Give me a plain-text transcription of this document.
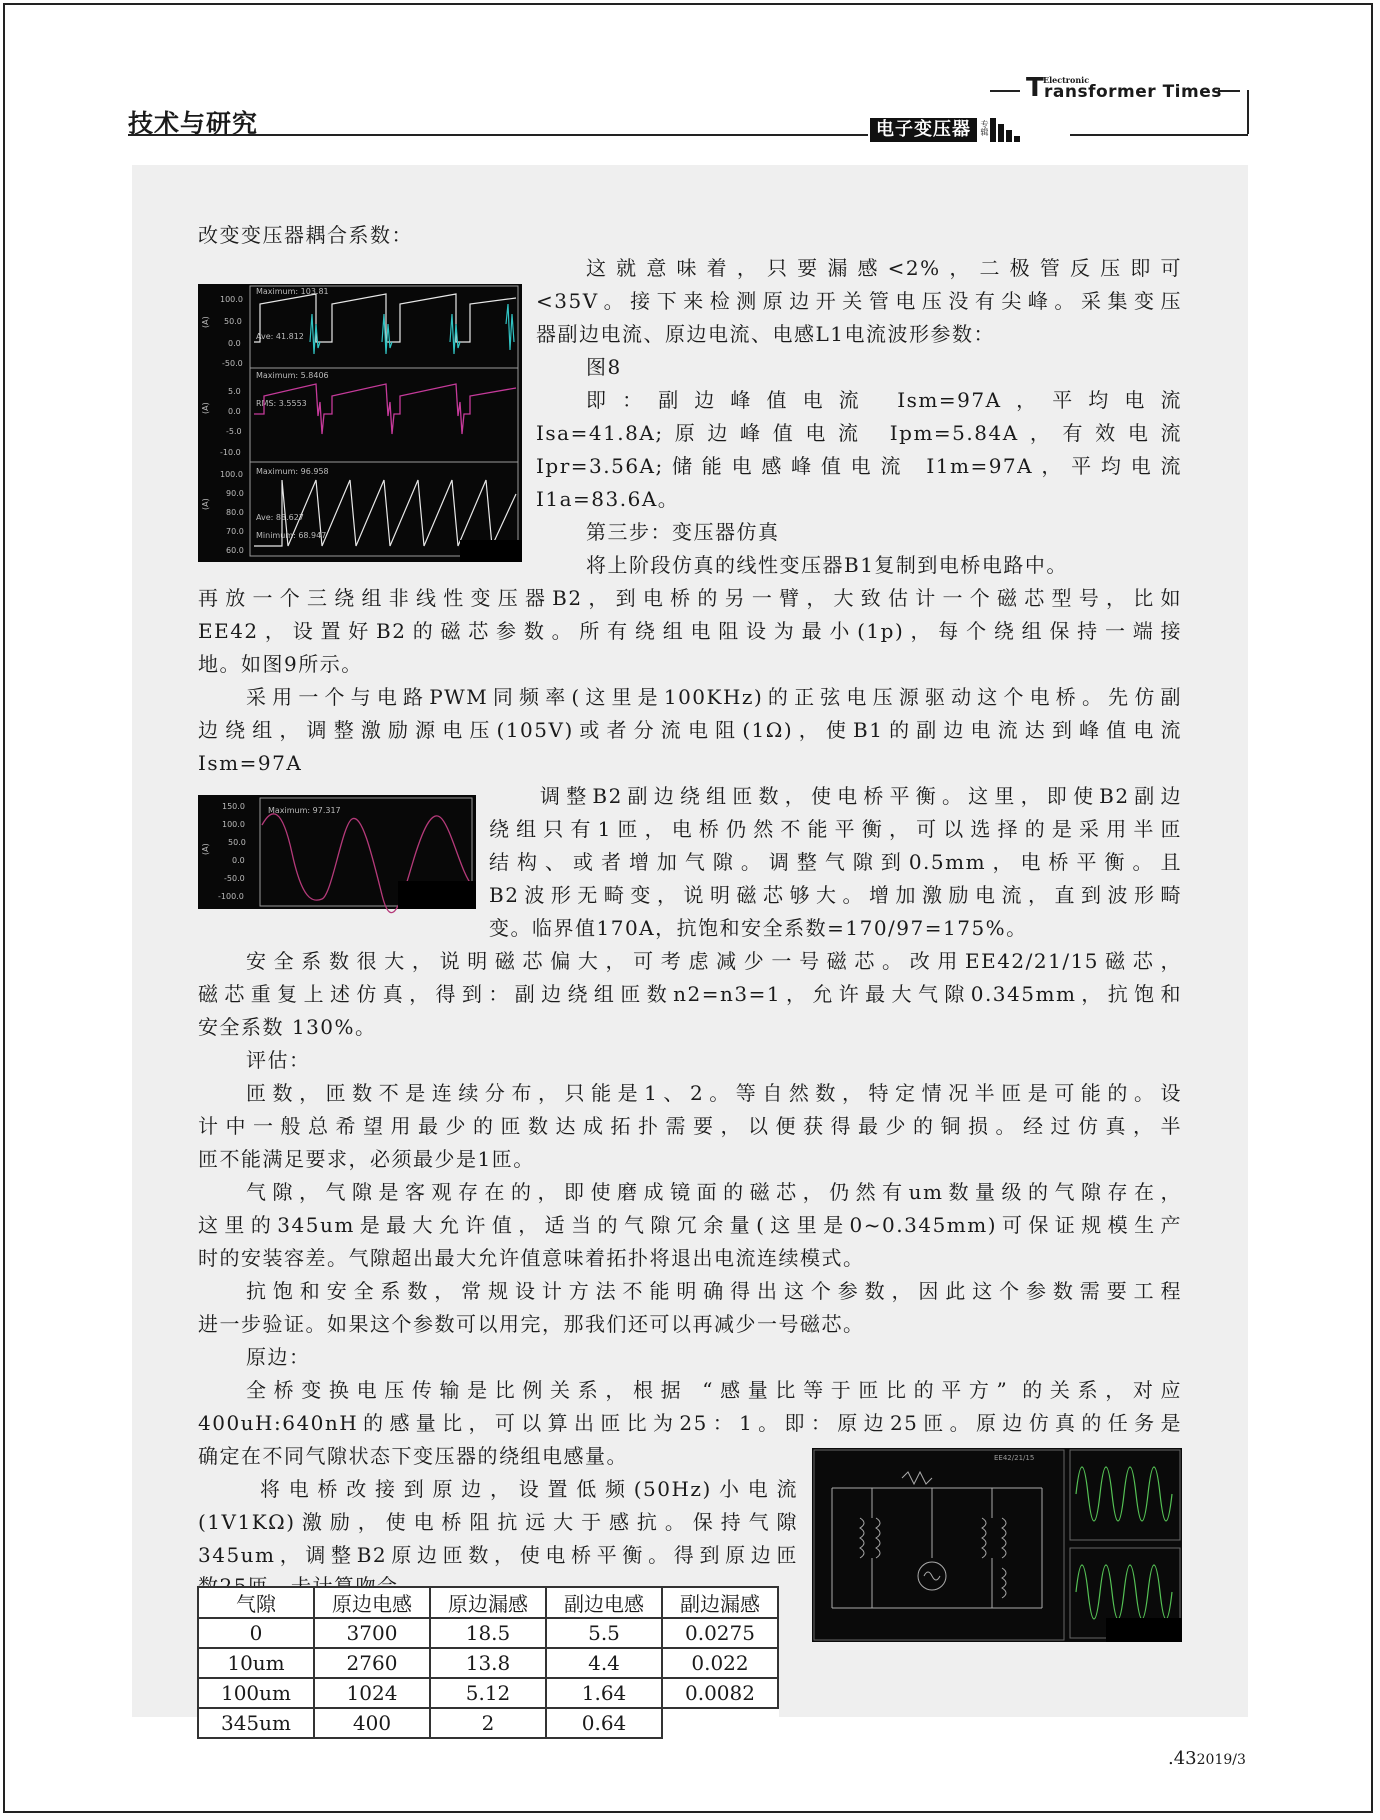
技术与研究
T Electronic
ransformer Times
电子变压器	专辑
改变变压器耦合系数：
这就意味着，只要漏感<2%，二极管反压即可
<35V。接下来检测原边开关管电压没有尖峰。采集变压
器副边电流、原边电流、电感L1电流波形参数：
图8
即：副边峰值电流 Ism=97A，平均电流
Isa=41.8A;原边峰值电流 Ipm=5.84A，有效电流
Ipr=3.56A;储能电感峰值电流 I1m=97A，平均电流
I1a=83.6A。
第三步：变压器仿真
将上阶段仿真的线性变压器B1复制到电桥电路中。
再放一个三绕组非线性变压器B2，到电桥的另一臂，大致估计一个磁芯型号，比如
EE42，设置好B2的磁芯参数。所有绕组电阻设为最小(1p)，每个绕组保持一端接
地。如图9所示。
采用一个与电路PWM同频率(这里是100KHz)的正弦电压源驱动这个电桥。先仿副
边绕组，调整激励源电压(105V)或者分流电阻(1Ω)，使B1的副边电流达到峰值电流
Ism=97A
调整B2副边绕组匝数，使电桥平衡。这里，即使B2副边
绕组只有1匝，电桥仍然不能平衡，可以选择的是采用半匝
结构、或者增加气隙。调整气隙到0.5mm，电桥平衡。且
B2波形无畸变，说明磁芯够大。增加激励电流，直到波形畸
变。临界值170A，抗饱和安全系数=170/97=175%。
安全系数很大，说明磁芯偏大，可考虑减少一号磁芯。改用EE42/21/15磁芯，
磁芯重复上述仿真，得到：副边绕组匝数n2=n3=1，允许最大气隙0.345mm，抗饱和
安全系数 130%。
评估：
匝数，匝数不是连续分布，只能是1、2。等自然数，特定情况半匝是可能的。设
计中一般总希望用最少的匝数达成拓扑需要，以便获得最少的铜损。经过仿真，半
匝不能满足要求，必须最少是1匝。
气隙，气隙是客观存在的，即使磨成镜面的磁芯，仍然有um数量级的气隙存在，
这里的345um是最大允许值，适当的气隙冗余量(这里是0~0.345mm)可保证规模生产
时的安装容差。气隙超出最大允许值意味着拓扑将退出电流连续模式。
抗饱和安全系数，常规设计方法不能明确得出这个参数，因此这个参数需要工程
进一步验证。如果这个参数可以用完，那我们还可以再减少一号磁芯。
原边：
全桥变换电压传输是比例关系，根据 “感量比等于匝比的平方” 的关系，对应
400uH:640nH的感量比，可以算出匝比为25：1。即：原边25匝。原边仿真的任务是
确定在不同气隙状态下变压器的绕组电感量。
将电桥改接到原边，设置低频(50Hz)小电流
(1V1KΩ)激励，使电桥阻抗远大于感抗。保持气隙
345um，调整B2原边匝数，使电桥平衡。得到原边匝
(A)
(A)
(A)
100.0
50.0
0.0
-50.0
Maximum: 103.81
Ave: 41.812
5.0
0.0
-5.0
-10.0
Maximum: 5.8406
RMS: 3.5553
100.0
90.0
80.0
70.0
60.0
Maximum: 96.958
Ave: 83.627
Minimum: 68.947
(A)
150.0
100.0
50.0
0.0
-50.0
-100.0
Maximum: 97.317
EE42/21/15
气隙	原边电感	原边漏感	副边电感	副边漏感
0	3700	18.5	5.5	0.0275
10um	2760	13.8	4.4	0.022
100um	1024	5.12	1.64	0.0082
345um	400	2	0.64	
.432019/3
